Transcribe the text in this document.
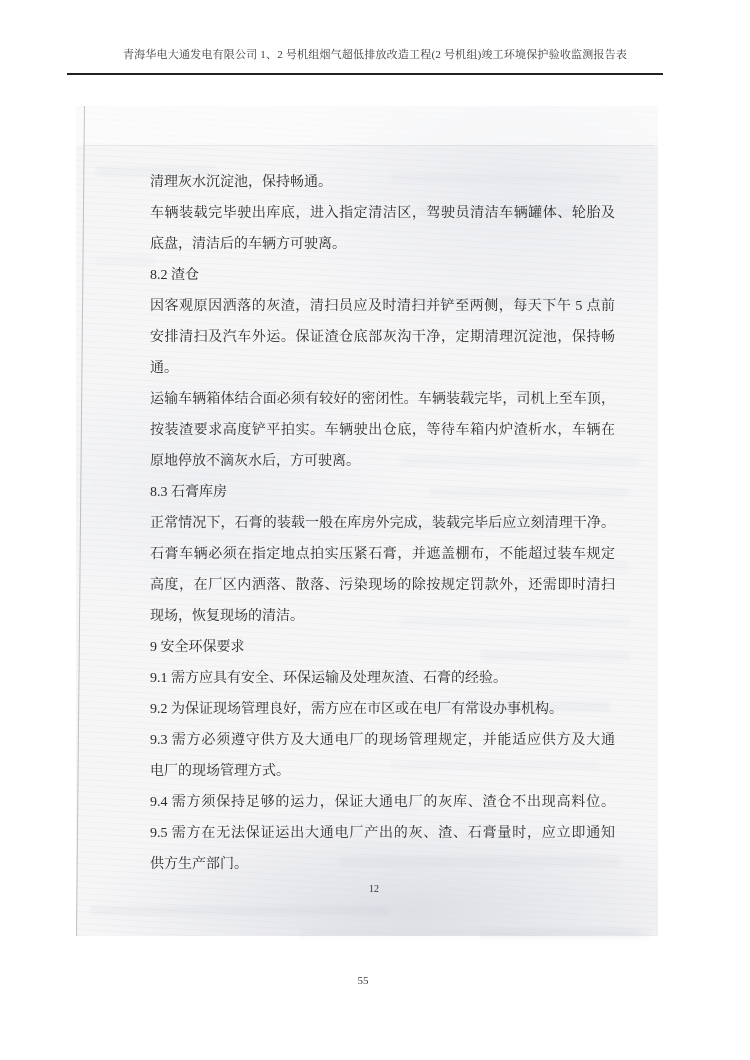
青海华电大通发电有限公司 1、2 号机组烟气超低排放改造工程(2 号机组)竣工环境保护验收监测报告表
清理灰水沉淀池，保持畅通。
车辆装载完毕驶出库底，进入指定清洁区，驾驶员清洁车辆罐体、轮胎及
底盘，清洁后的车辆方可驶离。
8.2 渣仓
因客观原因洒落的灰渣，清扫员应及时清扫并铲至两侧，每天下午 5 点前
安排清扫及汽车外运。保证渣仓底部灰沟干净，定期清理沉淀池，保持畅
通。
运输车辆箱体结合面必须有较好的密闭性。车辆装载完毕，司机上至车顶，
按装渣要求高度铲平拍实。车辆驶出仓底，等待车箱内炉渣析水，车辆在
原地停放不滴灰水后，方可驶离。
8.3 石膏库房
正常情况下，石膏的装载一般在库房外完成，装载完毕后应立刻清理干净。
石膏车辆必须在指定地点拍实压紧石膏，并遮盖棚布，不能超过装车规定
高度，在厂区内洒落、散落、污染现场的除按规定罚款外，还需即时清扫
现场，恢复现场的清洁。
9 安全环保要求
9.1 需方应具有安全、环保运输及处理灰渣、石膏的经验。
9.2 为保证现场管理良好，需方应在市区或在电厂有常设办事机构。
9.3 需方必须遵守供方及大通电厂的现场管理规定，并能适应供方及大通
电厂的现场管理方式。
9.4 需方须保持足够的运力，保证大通电厂的灰库、渣仓不出现高料位。
9.5 需方在无法保证运出大通电厂产出的灰、渣、石膏量时，应立即通知
供方生产部门。
12
55
